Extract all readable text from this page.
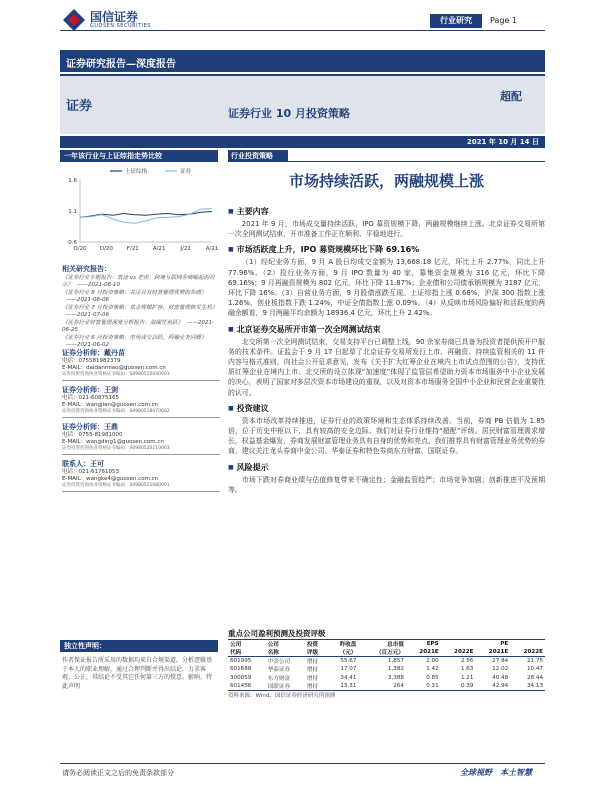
国信证券
GUOSEN SECURITIES
行业研究	Page 1
证券研究报告—深度报告
证券	证券行业 10 月投资策略
超配
2021 年 10 月 14 日
一年该行业与上证综指走势比较
上证综指	证券
1.6
1.1
0.6
O/20 D/20	F/21	A/21	J/21	A/21
相关研究报告：
《证券行业专题报告：富途 vs 老虎：跨境互联网券商崛起的启示》 ——2021-08-10
《证券行业 8 月投资策略：关注具有财富管理优势的券商》——2021-08-06
《证券行业 7 月投资策略：基金规模扩容，财富管理焕发生机》——2021-07-06
《证券行业财富管理深度分析报告：海阔凭鱼跃》 ——2021-06-25
《证券行业 6 月投资策略：市场成交活跃，两融业务回暖》——2021-06-02
证券分析师：戴丹苗
电话：075581982379
E-MAIL：daidanmiao@guosen.com.cn
证券投资咨询执业资格证书编码：S0980520040003
证券分析师：王剑
电话：021-60875165
E-MAIL：wangjian@guosen.com.cn
证券投资咨询执业资格证书编码：S0980518070002
证券分析师：王鼎
电话：0755-81981000
E-MAIL：wangding1@guosen.com.cn
证券投资咨询执业资格证书编码：S0980520110003
联系人：王可
电话：021-61761053
E-MAIL：wangke4@guosen.com.cn
证券投资咨询执业资格证书编码：S0980521080001
独立性声明：
作者保证报告所采用的数据均来自合规渠道，分析逻辑基于本人的职业理解，通过合理判断并得出结论，力求客观、公正，其结论不受其它任何第三方的授意、影响，特此声明
行业投资策略
市场持续活跃，两融规模上涨
■ 主要内容
2021 年 9 月，市场成交量持续活跃，IPO 募资规模下降，两融规模继续上涨。北京证券交易所第一次全网测试结束，开市准备工作正在顺利、平稳地进行。
■ 市场活跃度上升，IPO 募资规模环比下降 69.16%
（1）经纪业务方面，9 月 A 股日均成交金额为 13,668.18 亿元，环比上升 2.77%，同比上升 77.96%。（2）投行业务方面，9 月 IPO 数量为 40 家，募集资金规模为 316 亿元，环比下降 69.16%；9 月再融资规模为 802 亿元，环比下降 11.87%；企业债和公司债承销规模为 3187 亿元，环比下降 16%。（3）自营业务方面，9 月股债涨跌互现。上证综指上涨 0.68%，沪深 300 指数上涨 1.26%，创业板指数下跌 1.24%，中证全债指数上涨 0.09%。（4）从反映市场风险偏好和活跃度的两融余额看，9 月两融平均余额为 18936.4 亿元，环比上升 2.42%。
■ 北京证券交易所开市第一次全网测试结束
北交所第一次全网测试结束，交易支持平台已调整上线，90 余家券商已具备为投资者提供预开户服务的技术条件。证监会于 9 月 17 日起草了北京证券交易所发行上市、再融资、持续监管相关的 11 件内容与格式准则，向社会公开征求意见，发布《关于扩大红筹企业在境内上市试点范围的公告》，支持优质红筹企业在境内上市。北交所的设立体现“加速度”体现了监管层希望助力资本市场服务中小企业发展的决心，表明了国家对多层次资本市场建设的重视，以及对资本市场服务全国中小企业和民营企业重要性的认可。
■ 投资建议
资本市场改革持续推进，证券行业的政策环境和生态体系持续改善。当前，券商 PB 估值为 1.85 倍，位于历史中枢以下，具有较高的安全边际。我们对证券行业维持“超配”评级。居民财富管理需求增长，权益基金爆发，券商发展财富管理业务具有自身的优势和亮点。我们推荐具有财富管理业务优势的券商，建议关注龙头券商中金公司、华泰证券和特色券商东方财富、国联证券。
■ 风险提示
市场下跌对券商业绩与估值修复带来不确定性；金融监管趋严；市场竞争加剧；创新推进不及预期等。
重点公司盈利预测及投资评级
公司	公司	投资	昨收盘	总市值	EPS		PE	
代码	名称	评级	（元）	（百万元）	2021E	2022E	2021E	2022E
601995	中金公司	增持	55.67	1,857	2.00	2.56	27.84	21.75
601688	华泰证券	增持	17.07	1,382	1.42	1.63	12.02	10.47
300059	东方财富	增持	34.41	3,388	0.85	1.21	40.48	28.44
601456	国联证券	增持	13.31	264	0.31	0.39	42.94	34.13
资料来源：Wind、国信证券经济研究所预测
请务必阅读正文之后的免责条款部分	全球视野　本土智慧
